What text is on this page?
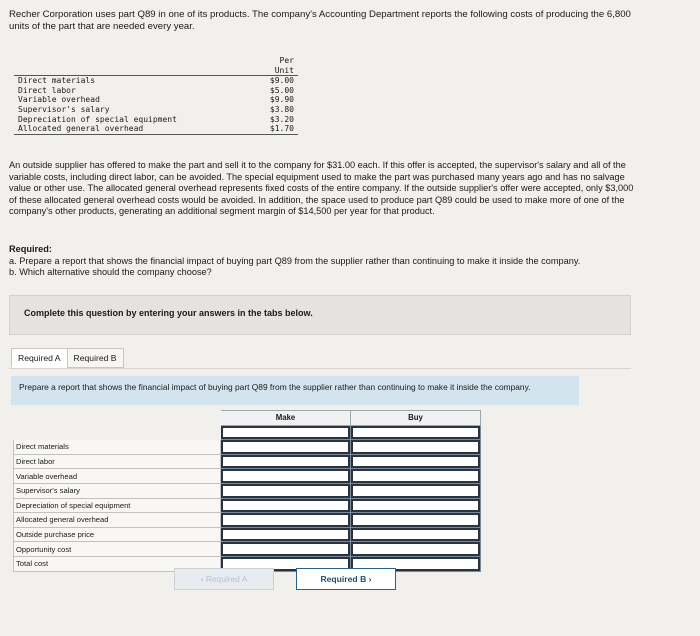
Recher Corporation uses part Q89 in one of its products. The company's Accounting Department reports the following costs of producing the 6,800 units of the part that are needed every year.

	Per
Unit

Direct materials	$9.00
Direct labor	$5.00
Variable overhead	$9.90
Supervisor's salary	$3.80
Depreciation of special equipment	$3.20
Allocated general overhead	$1.70
An outside supplier has offered to make the part and sell it to the company for $31.00 each. If this offer is accepted, the supervisor's salary and all of the variable costs, including direct labor, can be avoided. The special equipment used to make the part was purchased many years ago and has no salvage value or other use. The allocated general overhead represents fixed costs of the entire company. If the outside supplier's offer were accepted, only $3,000 of these allocated general overhead costs would be avoided. In addition, the space used to produce part Q89 could be used to make more of one of the company's other products, generating an additional segment margin of $14,500 per year for that product.
Required:
a. Prepare a report that shows the financial impact of buying part Q89 from the supplier rather than continuing to make it inside the company.
b. Which alternative should the company choose?
Complete this question by entering your answers in the tabs below.
Required A	Required B
Prepare a report that shows the financial impact of buying part Q89 from the supplier rather than continuing to make it inside the company.
	Make	Buy

Direct materials		
Direct labor		
Variable overhead		
Supervisor's salary		
Depreciation of special equipment		
Allocated general overhead		
Outside purchase price		
Opportunity cost		
Total cost		
‹ Required A	Required B ›
